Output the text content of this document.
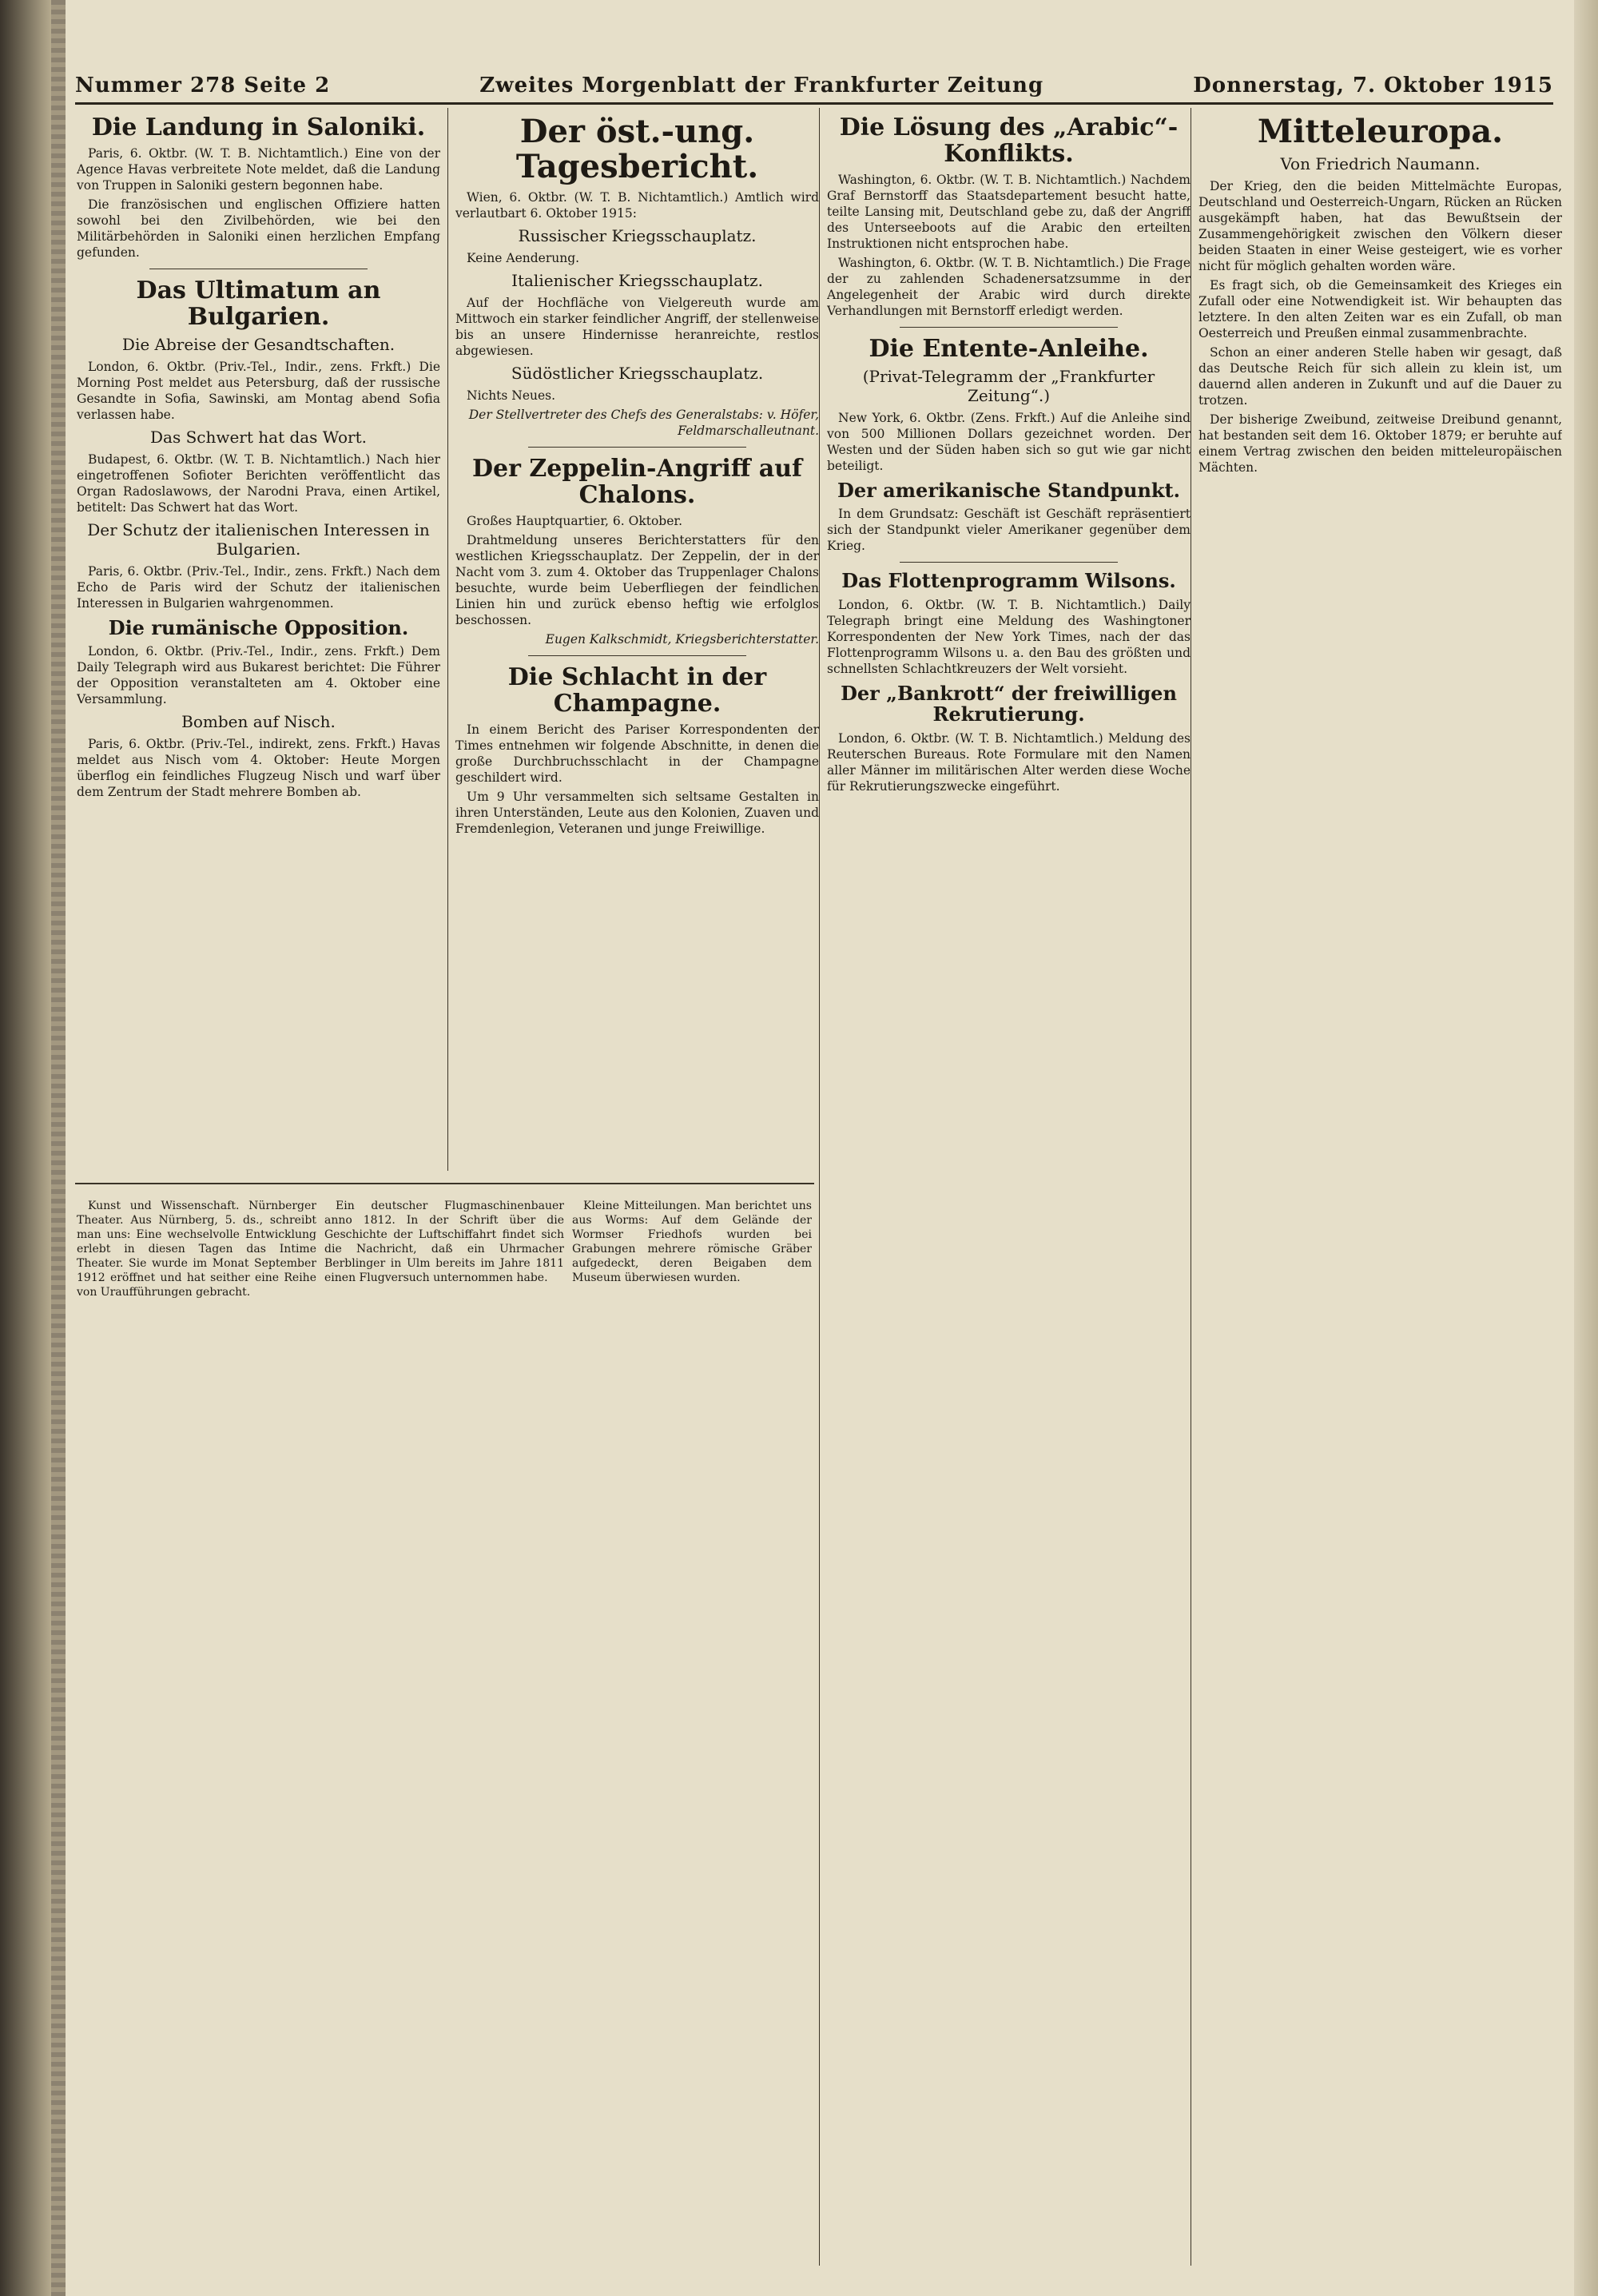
Nummer 278 Seite 2	Zweites Morgenblatt der Frankfurter Zeitung	Donnerstag, 7. Oktober 1915
Die Landung in Saloniki.

Paris, 6. Oktbr. (W. T. B. Nichtamtlich.) Eine von der Agence Havas verbreitete Note meldet, daß die Landung von Truppen in Saloniki gestern begonnen habe.

Die französischen und englischen Offiziere hatten sowohl bei den Zivilbehörden, wie bei den Militärbehörden in Saloniki einen herzlichen Empfang gefunden.

Das Ultimatum an Bulgarien.
Die Abreise der Gesandtschaften.

London, 6. Oktbr. (Priv.-Tel., Indir., zens. Frkft.) Die Morning Post meldet aus Petersburg, daß der russische Gesandte in Sofia, Sawinski, am Montag abend Sofia verlassen habe.

Das Schwert hat das Wort.

Budapest, 6. Oktbr. (W. T. B. Nichtamtlich.) Nach hier eingetroffenen Sofioter Berichten veröffentlicht das Organ Radoslawows, der Narodni Prava, einen Artikel, betitelt: Das Schwert hat das Wort.

Der Schutz der italienischen Interessen in Bulgarien.

Paris, 6. Oktbr. (Priv.-Tel., Indir., zens. Frkft.) Nach dem Echo de Paris wird der Schutz der italienischen Interessen in Bulgarien wahrgenommen.

Die rumänische Opposition.

London, 6. Oktbr. (Priv.-Tel., Indir., zens. Frkft.) Dem Daily Telegraph wird aus Bukarest berichtet: Die Führer der Opposition veranstalteten am 4. Oktober eine Versammlung.

Bomben auf Nisch.

Paris, 6. Oktbr. (Priv.-Tel., indirekt, zens. Frkft.) Havas meldet aus Nisch vom 4. Oktober: Heute Morgen überflog ein feindliches Flugzeug Nisch und warf über dem Zentrum der Stadt mehrere Bomben ab.

Der öst.-ung. Tagesbericht.

Wien, 6. Oktbr. (W. T. B. Nichtamtlich.) Amtlich wird verlautbart 6. Oktober 1915:

Russischer Kriegsschauplatz.

Keine Aenderung.

Italienischer Kriegsschauplatz.

Auf der Hochfläche von Vielgereuth wurde am Mittwoch ein starker feindlicher Angriff, der stellenweise bis an unsere Hindernisse heranreichte, restlos abgewiesen.

Südöstlicher Kriegsschauplatz.

Nichts Neues.

Der Stellvertreter des Chefs des Generalstabs: v. Höfer, Feldmarschalleutnant.

Der Zeppelin-Angriff auf Chalons.

Großes Hauptquartier, 6. Oktober.

Drahtmeldung unseres Berichterstatters für den westlichen Kriegsschauplatz. Der Zeppelin, der in der Nacht vom 3. zum 4. Oktober das Truppenlager Chalons besuchte, wurde beim Ueberfliegen der feindlichen Linien hin und zurück ebenso heftig wie erfolglos beschossen.

Eugen Kalkschmidt, Kriegsberichterstatter.

Die Schlacht in der Champagne.

In einem Bericht des Pariser Korrespondenten der Times entnehmen wir folgende Abschnitte, in denen die große Durchbruchsschlacht in der Champagne geschildert wird.

Um 9 Uhr versammelten sich seltsame Gestalten in ihren Unterständen, Leute aus den Kolonien, Zuaven und Fremdenlegion, Veteranen und junge Freiwillige.

Die Lösung des „Arabic“-Konflikts.

Washington, 6. Oktbr. (W. T. B. Nichtamtlich.) Nachdem Graf Bernstorff das Staatsdepartement besucht hatte, teilte Lansing mit, Deutschland gebe zu, daß der Angriff des Unterseeboots auf die Arabic den erteilten Instruktionen nicht entsprochen habe.

Washington, 6. Oktbr. (W. T. B. Nichtamtlich.) Die Frage der zu zahlenden Schadenersatzsumme in der Angelegenheit der Arabic wird durch direkte Verhandlungen mit Bernstorff erledigt werden.

Die Entente-Anleihe.
(Privat-Telegramm der „Frankfurter Zeitung“.)

New York, 6. Oktbr. (Zens. Frkft.) Auf die Anleihe sind von 500 Millionen Dollars gezeichnet worden. Der Westen und der Süden haben sich so gut wie gar nicht beteiligt.

Der amerikanische Standpunkt.

In dem Grundsatz: Geschäft ist Geschäft repräsentiert sich der Standpunkt vieler Amerikaner gegenüber dem Krieg.

Das Flottenprogramm Wilsons.

London, 6. Oktbr. (W. T. B. Nichtamtlich.) Daily Telegraph bringt eine Meldung des Washingtoner Korrespondenten der New York Times, nach der das Flottenprogramm Wilsons u. a. den Bau des größten und schnellsten Schlachtkreuzers der Welt vorsieht.

Der „Bankrott“ der freiwilligen Rekrutierung.

London, 6. Oktbr. (W. T. B. Nichtamtlich.) Meldung des Reuterschen Bureaus. Rote Formulare mit den Namen aller Männer im militärischen Alter werden diese Woche für Rekrutierungszwecke eingeführt.

Mitteleuropa.
Von Friedrich Naumann.

Der Krieg, den die beiden Mittelmächte Europas, Deutschland und Oesterreich-Ungarn, Rücken an Rücken ausgekämpft haben, hat das Bewußtsein der Zusammengehörigkeit zwischen den Völkern dieser beiden Staaten in einer Weise gesteigert, wie es vorher nicht für möglich gehalten worden wäre.

Es fragt sich, ob die Gemeinsamkeit des Krieges ein Zufall oder eine Notwendigkeit ist. Wir behaupten das letztere. In den alten Zeiten war es ein Zufall, ob man Oesterreich und Preußen einmal zusammenbrachte.

Schon an einer anderen Stelle haben wir gesagt, daß das Deutsche Reich für sich allein zu klein ist, um dauernd allen anderen in Zukunft und auf die Dauer zu trotzen.

Der bisherige Zweibund, zeitweise Dreibund genannt, hat bestanden seit dem 16. Oktober 1879; er beruhte auf einem Vertrag zwischen den beiden mitteleuropäischen Mächten.

Kunst und Wissenschaft. Nürnberger Theater. Aus Nürnberg, 5. ds., schreibt man uns: Eine wechselvolle Entwicklung erlebt in diesen Tagen das Intime Theater. Sie wurde im Monat September 1912 eröffnet und hat seither eine Reihe von Uraufführungen gebracht.

Ein deutscher Flugmaschinenbauer anno 1812. In der Schrift über die Geschichte der Luftschiffahrt findet sich die Nachricht, daß ein Uhrmacher Berblinger in Ulm bereits im Jahre 1811 einen Flugversuch unternommen habe.

Kleine Mitteilungen. Man berichtet uns aus Worms: Auf dem Gelände der Wormser Friedhofs wurden bei Grabungen mehrere römische Gräber aufgedeckt, deren Beigaben dem Museum überwiesen wurden.
